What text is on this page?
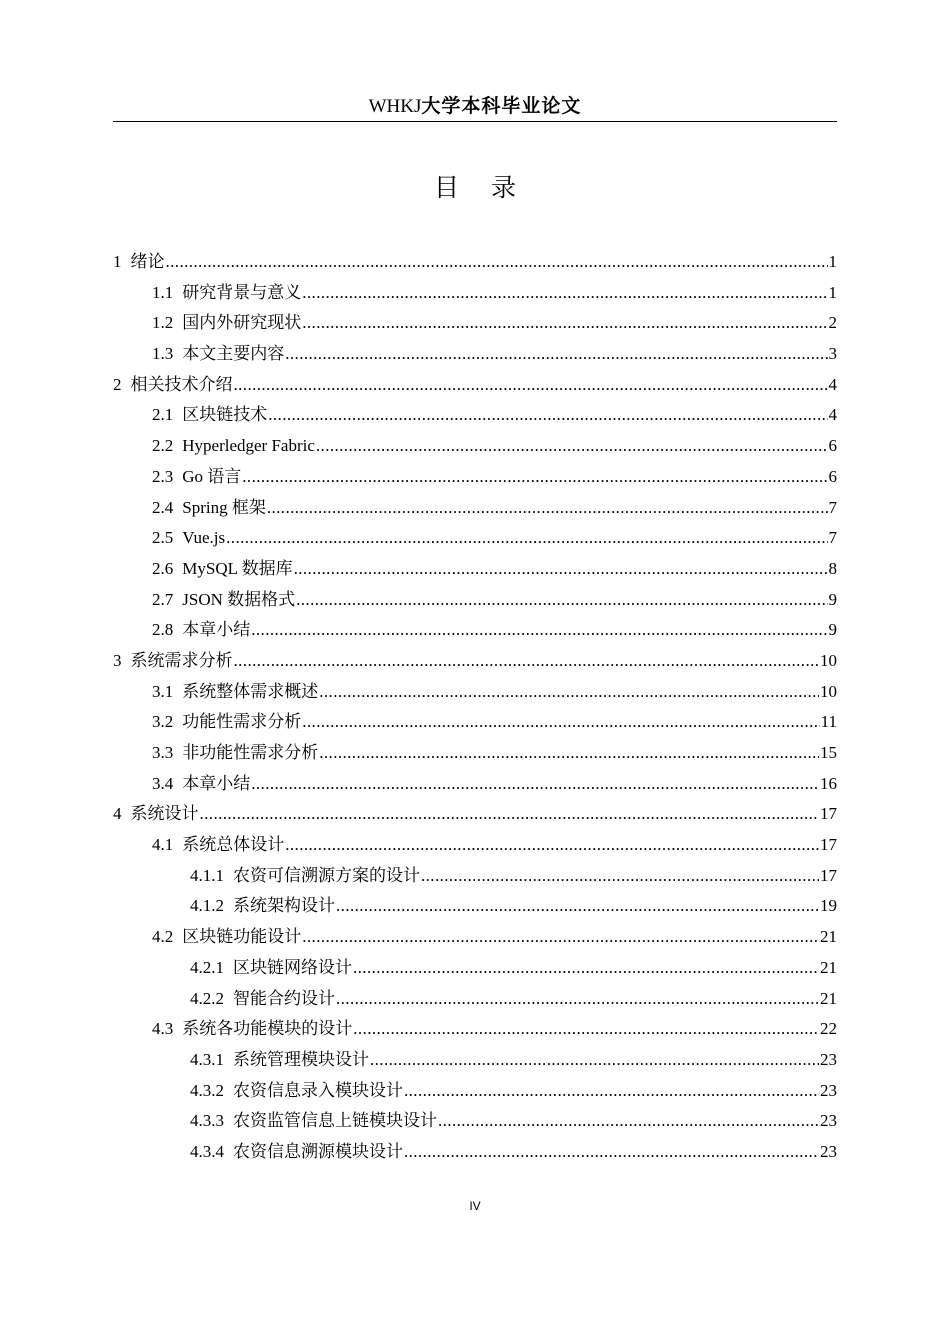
WHKJ大学本科毕业论文
目 录
1 绪论 .....	1
1.1 研究背景与意义 .....	1
1.2 国内外研究现状 .....	2
1.3 本文主要内容 .....	3
2 相关技术介绍 .....	4
2.1 区块链技术 .....	4
2.2 Hyperledger Fabric .....	6
2.3 Go 语言 .....	6
2.4 Spring 框架 .....	7
2.5 Vue.js .....	7
2.6 MySQL 数据库 .....	8
2.7 JSON 数据格式 .....	9
2.8 本章小结 .....	9
3 系统需求分析 .....	10
3.1 系统整体需求概述 .....	10
3.2 功能性需求分析 .....	11
3.3 非功能性需求分析 .....	15
3.4 本章小结 .....	16
4 系统设计 .....	17
4.1 系统总体设计 .....	17
4.1.1 农资可信溯源方案的设计 .....	17
4.1.2 系统架构设计 .....	19
4.2 区块链功能设计 .....	21
4.2.1 区块链网络设计 .....	21
4.2.2 智能合约设计 .....	21
4.3 系统各功能模块的设计 .....	22
4.3.1 系统管理模块设计 .....	23
4.3.2 农资信息录入模块设计 .....	23
4.3.3 农资监管信息上链模块设计 .....	23
4.3.4 农资信息溯源模块设计 .....	23
IV
